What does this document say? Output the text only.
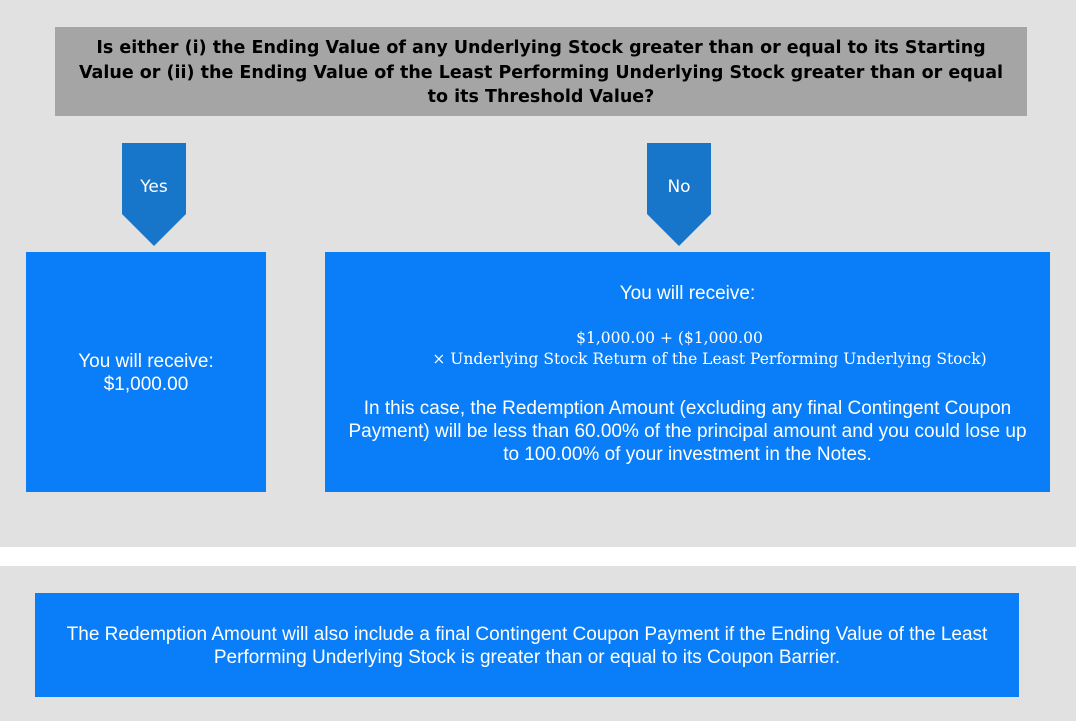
Is either (i) the Ending Value of any Underlying Stock greater than or equal to its Starting Value or (ii) the Ending Value of the Least Performing Underlying Stock greater than or equal to its Threshold Value?
Yes	No
You will receive:
$1,000.00
You will receive:
$1,000.00 + ($1,000.00
× Underlying Stock Return of the Least Performing Underlying Stock)
In this case, the Redemption Amount (excluding any final Contingent Coupon Payment) will be less than 60.00% of the principal amount and you could lose up to 100.00% of your investment in the Notes.
The Redemption Amount will also include a final Contingent Coupon Payment if the Ending Value of the Least Performing Underlying Stock is greater than or equal to its Coupon Barrier.
